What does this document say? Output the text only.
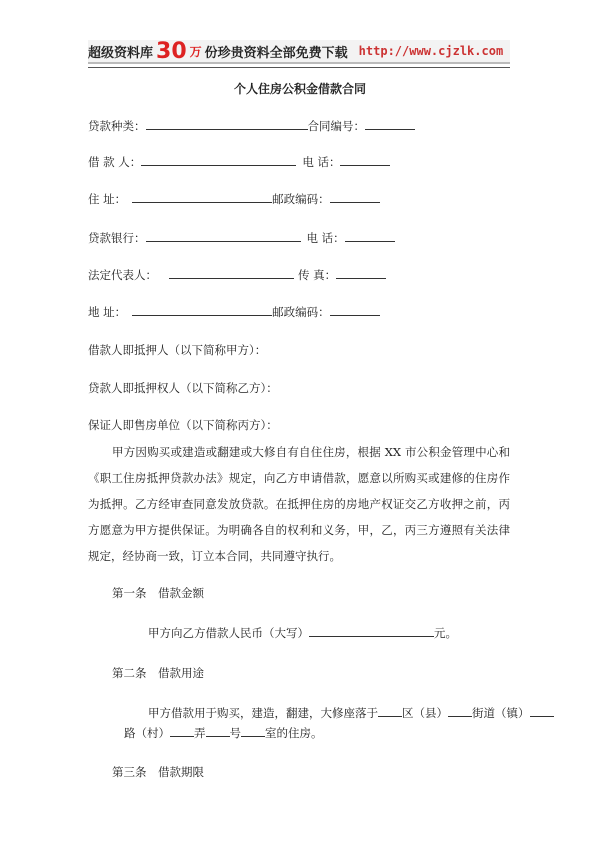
超级资料库 30 万 份珍贵资料全部免费下载 http://www.cjzlk.com
个人住房公积金借款合同
贷款种类：	合同编号：
借 款 人：	电 话：
住 址：	邮政编码：
贷款银行：	电 话：
法定代表人：	传 真：
地 址：	邮政编码：
借款人即抵押人（以下简称甲方）：
贷款人即抵押权人（以下简称乙方）：
保证人即售房单位（以下简称丙方）：
甲方因购买或建造或翻建或大修自有自住住房，根据 XX 市公积金管理中心和《职工住房抵押贷款办法》规定，向乙方申请借款，愿意以所购买或建修的住房作为抵押。乙方经审查同意发放贷款。在抵押住房的房地产权证交乙方收押之前，丙方愿意为甲方提供保证。为明确各自的权利和义务，甲，乙，丙三方遵照有关法律规定，经协商一致，订立本合同，共同遵守执行。
第一条　借款金额
甲方向乙方借款人民币（大写）	元。
第二条　借款用途
甲方借款用于购买，建造，翻建，大修座落于 区（县） 街道（镇）
路（村） 弄 号 室的住房。
第三条　借款期限
